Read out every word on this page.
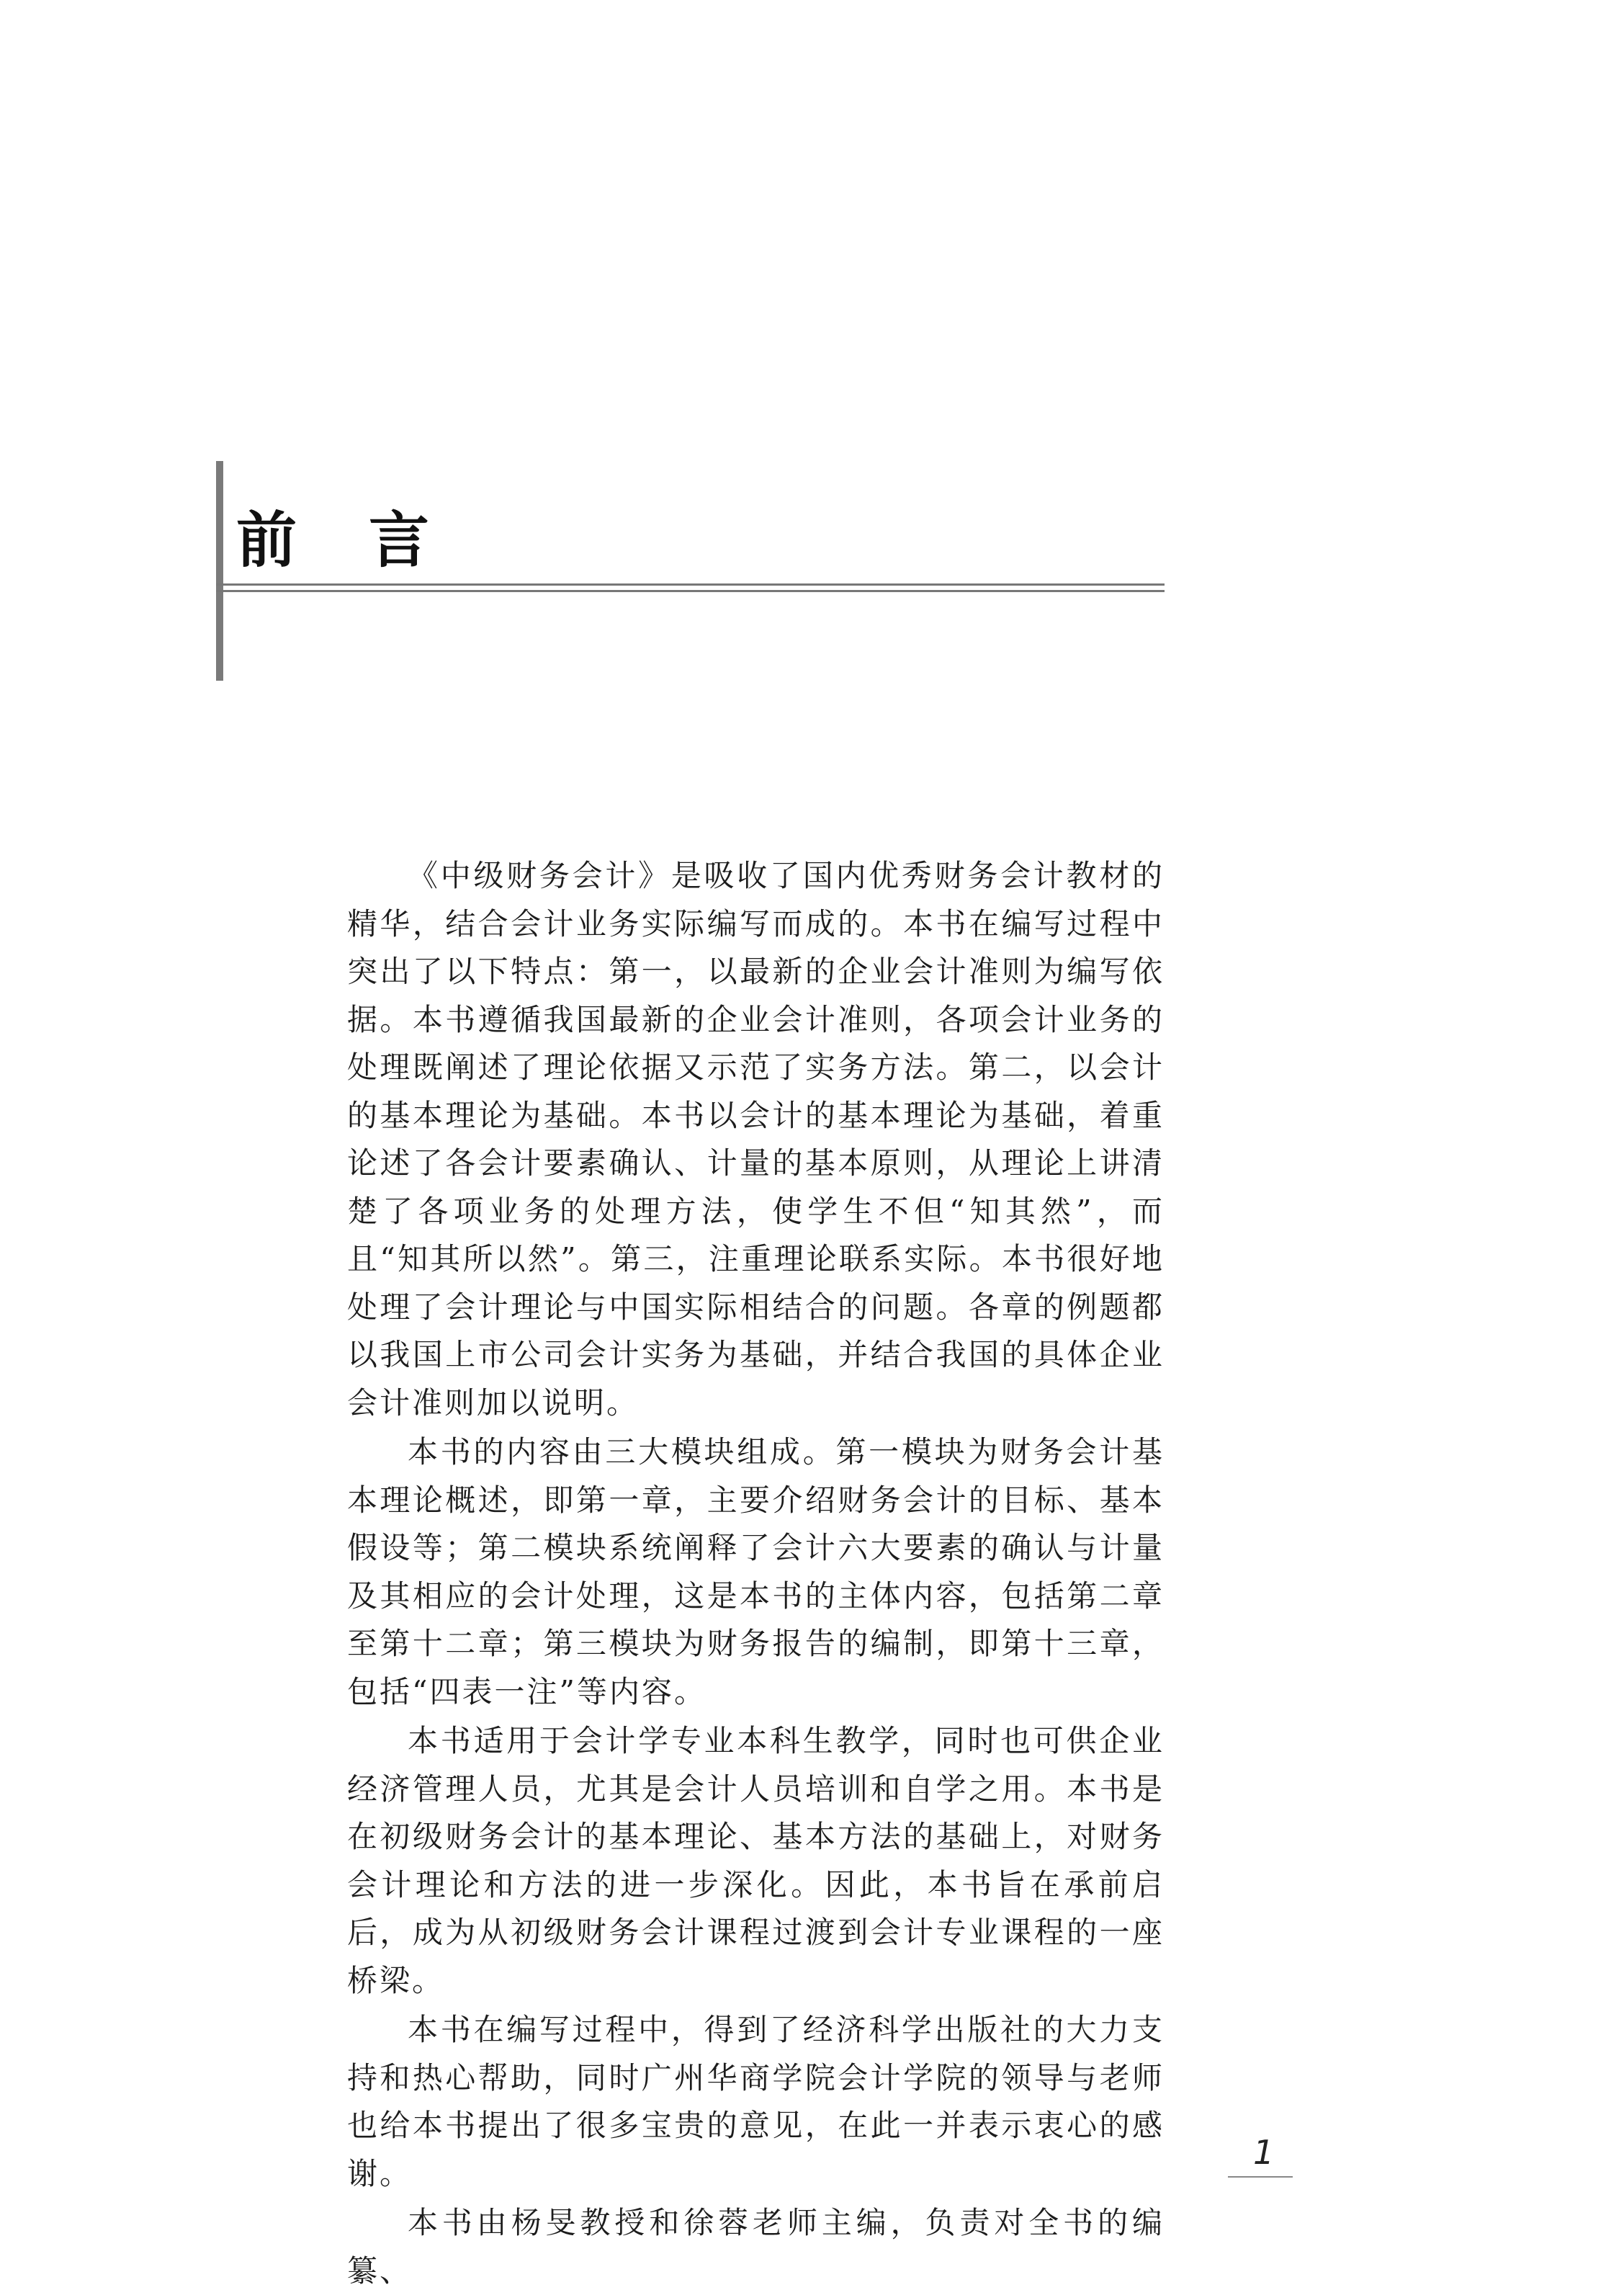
前言

《中级财务会计》是吸收了国内优秀财务会计教材的精华，结合会计业务实际编写而成的。本书在编写过程中突出了以下特点：第一，以最新的企业会计准则为编写依据。本书遵循我国最新的企业会计准则，各项会计业务的处理既阐述了理论依据又示范了实务方法。第二，以会计的基本理论为基础。本书以会计的基本理论为基础，着重论述了各会计要素确认、计量的基本原则，从理论上讲清楚了各项业务的处理方法，使学生不但“知其然”，而且“知其所以然”。第三，注重理论联系实际。本书很好地处理了会计理论与中国实际相结合的问题。各章的例题都以我国上市公司会计实务为基础，并结合我国的具体企业会计准则加以说明。

本书的内容由三大模块组成。第一模块为财务会计基本理论概述，即第一章，主要介绍财务会计的目标、基本假设等；第二模块系统阐释了会计六大要素的确认与计量及其相应的会计处理，这是本书的主体内容，包括第二章至第十二章；第三模块为财务报告的编制，即第十三章，包括“四表一注”等内容。

本书适用于会计学专业本科生教学，同时也可供企业经济管理人员，尤其是会计人员培训和自学之用。本书是在初级财务会计的基本理论、基本方法的基础上，对财务会计理论和方法的进一步深化。因此，本书旨在承前启后，成为从初级财务会计课程过渡到会计专业课程的一座桥梁。

本书在编写过程中，得到了经济科学出版社的大力支持和热心帮助，同时广州华商学院会计学院的领导与老师也给本书提出了很多宝贵的意见，在此一并表示衷心的感谢。

本书由杨旻教授和徐蓉老师主编，负责对全书的编纂、

1
